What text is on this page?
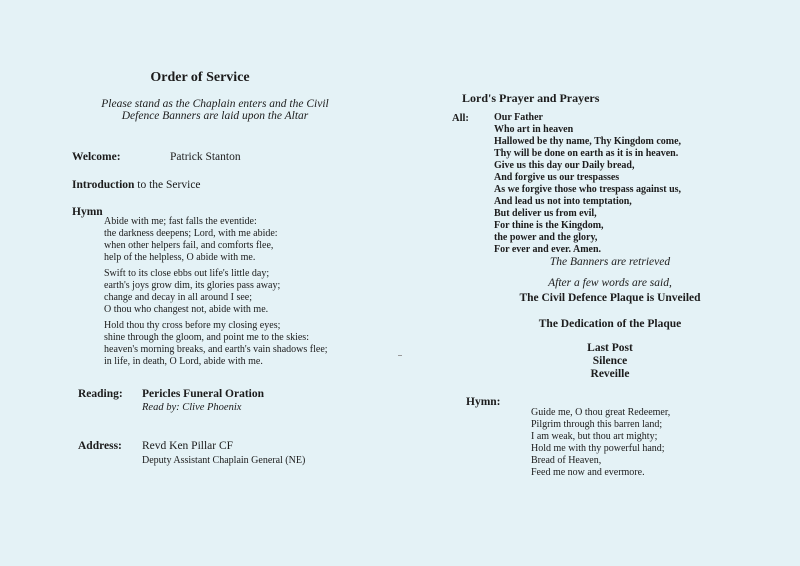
Order of Service
Please stand as the Chaplain enters and the Civil
Defence Banners are laid upon the Altar
Welcome:	Patrick Stanton
Introduction to the Service
Hymn
Abide with me; fast falls the eventide:
the darkness deepens; Lord, with me abide:
when other helpers fail, and comforts flee,
help of the helpless, O abide with me.
Swift to its close ebbs out life's little day;
earth's joys grow dim, its glories pass away;
change and decay in all around I see;
O thou who changest not, abide with me.
Hold thou thy cross before my closing eyes;
shine through the gloom, and point me to the skies:
heaven's morning breaks, and earth's vain shadows flee;
in life, in death, O Lord, abide with me.
Reading: Pericles Funeral Oration
Read by: Clive Phoenix
Address: Revd Ken Pillar CF
Deputy Assistant Chaplain General (NE)
Lord's Prayer and Prayers
All:	Our Father
Who art in heaven
Hallowed be thy name, Thy Kingdom come,
Thy will be done on earth as it is in heaven.
Give us this day our Daily bread,
And forgive us our trespasses
As we forgive those who trespass against us,
And lead us not into temptation,
But deliver us from evil,
For thine is the Kingdom,
the power and the glory,
For ever and ever. Amen.
The Banners are retrieved
After a few words are said,
The Civil Defence Plaque is Unveiled
The Dedication of the Plaque
Last Post
Silence
Reveille
Hymn:
Guide me, O thou great Redeemer,
Pilgrim through this barren land;
I am weak, but thou art mighty;
Hold me with thy powerful hand;
Bread of Heaven,
Feed me now and evermore.
